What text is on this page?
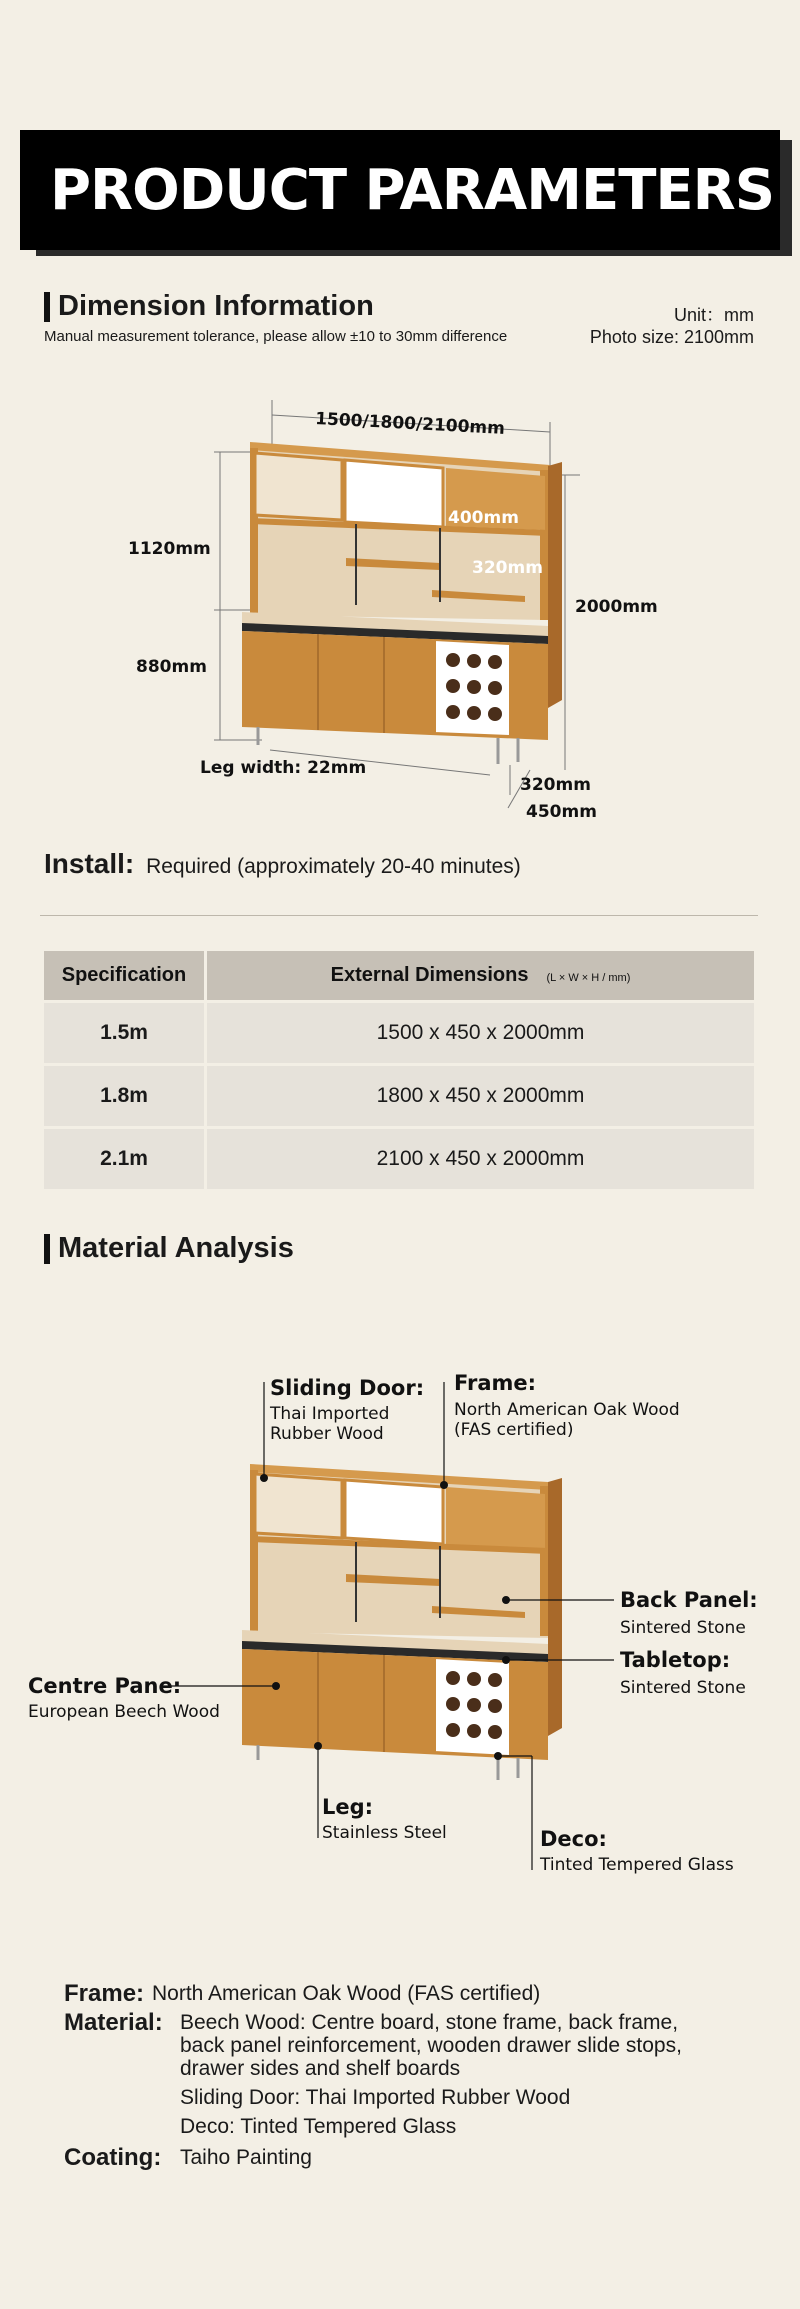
PRODUCT PARAMETERS
Dimension Information
Manual measurement tolerance, please allow ±10 to 30mm difference
Unit：mm
Photo size: 2100mm
1500/1800/2100mm
1120mm
880mm
2000mm
400mm
320mm
Leg width: 22mm
320mm
450mm
Install: Required (approximately 20-40 minutes)
Specification	External Dimensions (L × W × H / mm)
1.5m	1500 x 450 x 2000mm
1.8m	1800 x 450 x 2000mm
2.1m	2100 x 450 x 2000mm
Material Analysis
Sliding Door:
Thai Imported
Rubber Wood
Frame:
North American Oak Wood
(FAS certified)
Back Panel:
Sintered Stone
Tabletop:
Sintered Stone
Centre Pane:
European Beech Wood
Leg:
Stainless Steel	Deco:
Tinted Tempered Glass
Frame: North American Oak Wood (FAS certified)
Material: Beech Wood: Centre board, stone frame, back frame,
back panel reinforcement, wooden drawer slide stops,
drawer sides and shelf boards
Sliding Door: Thai Imported Rubber Wood
Deco: Tinted Tempered Glass
Coating: Taiho Painting
